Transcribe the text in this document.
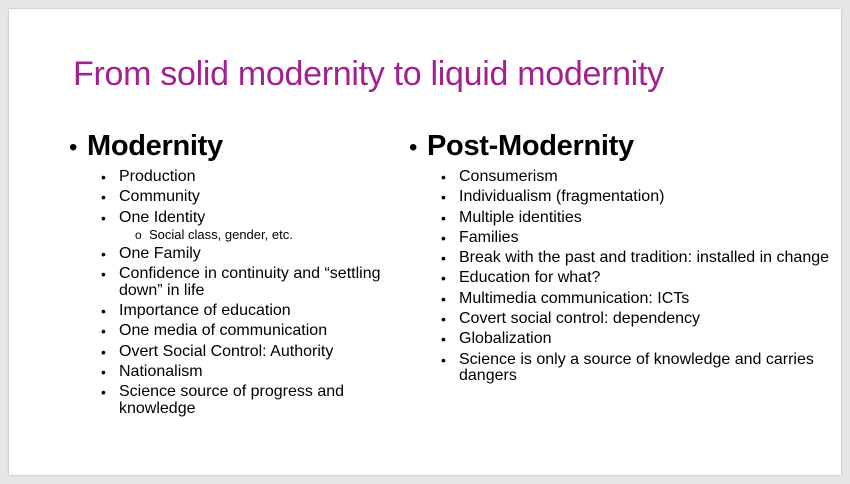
From solid modernity to liquid modernity
• Modernity
• Production
• Community
• One Identity
o Social class, gender, etc.
• One Family
• Confidence in continuity and “settling down” in life
• Importance of education
• One media of communication
• Overt Social Control: Authority
• Nationalism
• Science source of progress and knowledge
• Post-Modernity
• Consumerism
• Individualism (fragmentation)
• Multiple identities
• Families
• Break with the past and tradition: installed in change
• Education for what?
• Multimedia communication: ICTs
• Covert social control: dependency
• Globalization
• Science is only a source of knowledge and carries dangers
